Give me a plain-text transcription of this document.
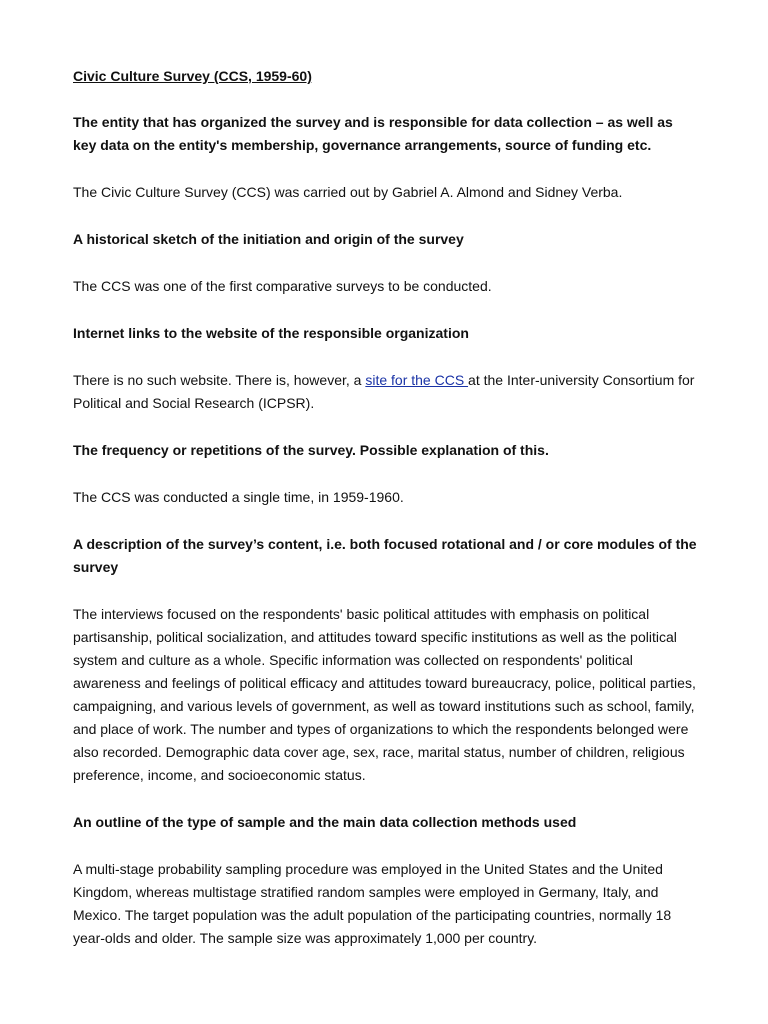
Civic Culture Survey (CCS, 1959-60)
The entity that has organized the survey and is responsible for data collection – as well as key data on the entity's membership, governance arrangements, source of funding etc.
The Civic Culture Survey (CCS) was carried out by Gabriel A. Almond and Sidney Verba.
A historical sketch of the initiation and origin of the survey
The CCS was one of the first comparative surveys to be conducted.
Internet links to the website of the responsible organization
There is no such website. There is, however, a site for the CCS at the Inter-university Consortium for Political and Social Research (ICPSR).
The frequency or repetitions of the survey. Possible explanation of this.
The CCS was conducted a single time, in 1959-1960.
A description of the survey’s content, i.e. both focused rotational and / or core modules of the survey
The interviews focused on the respondents' basic political attitudes with emphasis on political partisanship, political socialization, and attitudes toward specific institutions as well as the political system and culture as a whole. Specific information was collected on respondents' political awareness and feelings of political efficacy and attitudes toward bureaucracy, police, political parties, campaigning, and various levels of government, as well as toward institutions such as school, family, and place of work. The number and types of organizations to which the respondents belonged were also recorded. Demographic data cover age, sex, race, marital status, number of children, religious preference, income, and socioeconomic status.
An outline of the type of sample and the main data collection methods used
A multi-stage probability sampling procedure was employed in the United States and the United Kingdom, whereas multistage stratified random samples were employed in Germany, Italy, and Mexico. The target population was the adult population of the participating countries, normally 18 year-olds and older. The sample size was approximately 1,000 per country.
